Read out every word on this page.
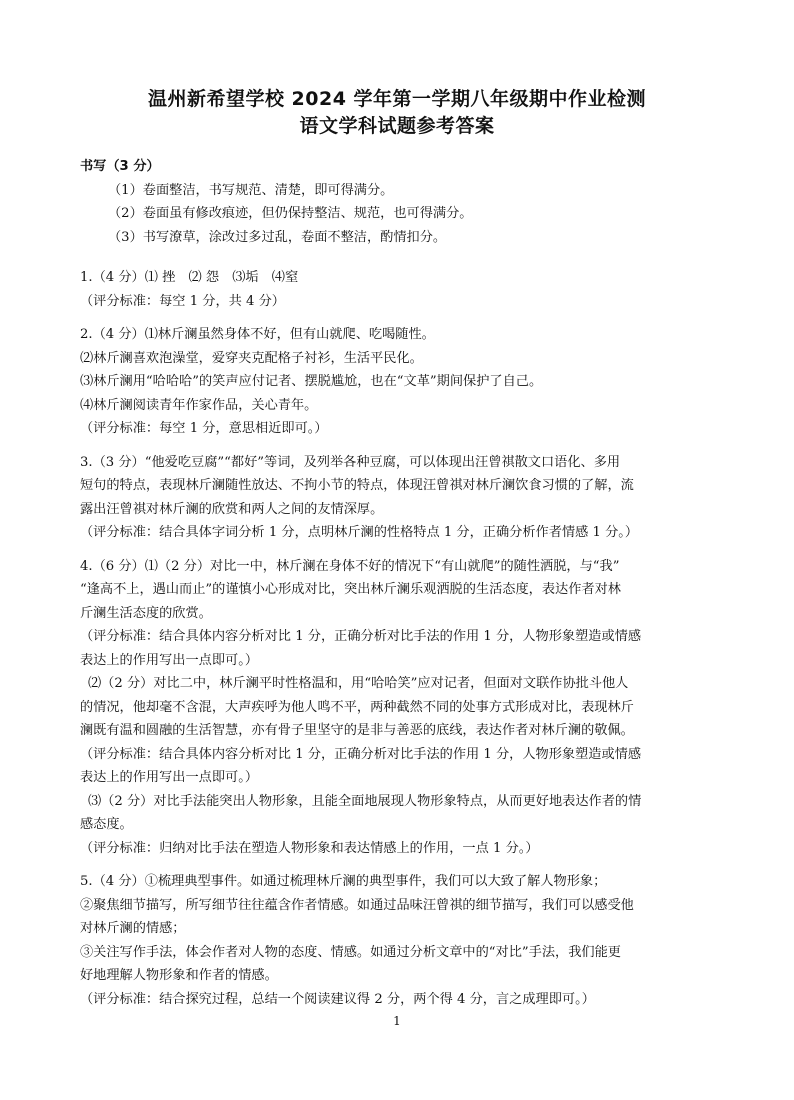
温州新希望学校 2024 学年第一学期八年级期中作业检测
语文学科试题参考答案

书写（3 分）

（1）卷面整洁，书写规范、清楚，即可得满分。

（2）卷面虽有修改痕迹，但仍保持整洁、规范，也可得满分。

（3）书写潦草，涂改过多过乱，卷面不整洁，酌情扣分。

1.（4 分）⑴ 挫　⑵ 怨　⑶垢　⑷窒

（评分标准：每空 1 分，共 4 分）

2.（4 分）⑴林斤澜虽然身体不好，但有山就爬、吃喝随性。

⑵林斤澜喜欢泡澡堂，爱穿夹克配格子衬衫，生活平民化。

⑶林斤澜用“哈哈哈”的笑声应付记者、摆脱尴尬，也在“文革”期间保护了自己。

⑷林斤澜阅读青年作家作品，关心青年。

（评分标准：每空 1 分，意思相近即可。）

3.（3 分）“他爱吃豆腐”“都好”等词，及列举各种豆腐，可以体现出汪曾祺散文口语化、多用

短句的特点，表现林斤澜随性放达、不拘小节的特点，体现汪曾祺对林斤澜饮食习惯的了解，流

露出汪曾祺对林斤澜的欣赏和两人之间的友情深厚。

（评分标准：结合具体字词分析 1 分，点明林斤澜的性格特点 1 分，正确分析作者情感 1 分。）

4.（6 分）⑴（2 分）对比一中，林斤澜在身体不好的情况下“有山就爬”的随性洒脱，与“我”

“逢高不上，遇山而止”的谨慎小心形成对比，突出林斤澜乐观洒脱的生活态度，表达作者对林

斤澜生活态度的欣赏。

（评分标准：结合具体内容分析对比 1 分，正确分析对比手法的作用 1 分，人物形象塑造或情感

表达上的作用写出一点即可。）

⑵（2 分）对比二中，林斤澜平时性格温和，用“哈哈笑”应对记者，但面对文联作协批斗他人

的情况，他却毫不含混，大声疾呼为他人鸣不平，两种截然不同的处事方式形成对比，表现林斤

澜既有温和圆融的生活智慧，亦有骨子里坚守的是非与善恶的底线，表达作者对林斤澜的敬佩。

（评分标准：结合具体内容分析对比 1 分，正确分析对比手法的作用 1 分，人物形象塑造或情感

表达上的作用写出一点即可。）

⑶（2 分）对比手法能突出人物形象，且能全面地展现人物形象特点，从而更好地表达作者的情

感态度。

（评分标准：归纳对比手法在塑造人物形象和表达情感上的作用，一点 1 分。）

5.（4 分）①梳理典型事件。如通过梳理林斤澜的典型事件，我们可以大致了解人物形象；

②聚焦细节描写，所写细节往往蕴含作者情感。如通过品味汪曾祺的细节描写，我们可以感受他

对林斤澜的情感；

③关注写作手法，体会作者对人物的态度、情感。如通过分析文章中的“对比”手法，我们能更

好地理解人物形象和作者的情感。

（评分标准：结合探究过程，总结一个阅读建议得 2 分，两个得 4 分，言之成理即可。）

1
